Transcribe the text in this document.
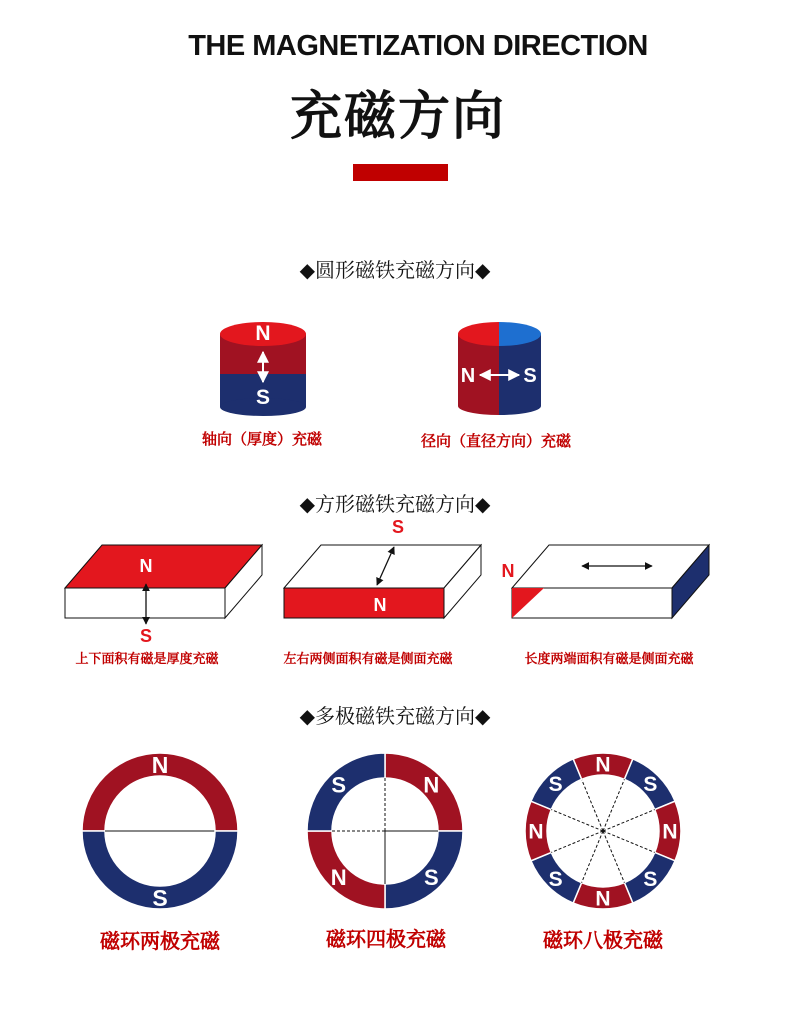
THE MAGNETIZATION DIRECTION
充磁方向
◆圆形磁铁充磁方向◆
◆方形磁铁充磁方向◆
◆多极磁铁充磁方向◆
N
S
轴向（厚度）充磁
N S
径向（直径方向）充磁
N
S
上下面积有磁是厚度充磁
S
N
左右两侧面积有磁是侧面充磁
N
长度两端面积有磁是侧面充磁
N
S
N
S
N
S
N
S
N
S
N
S
N
S
磁环两极充磁	磁环四极充磁	磁环八极充磁
